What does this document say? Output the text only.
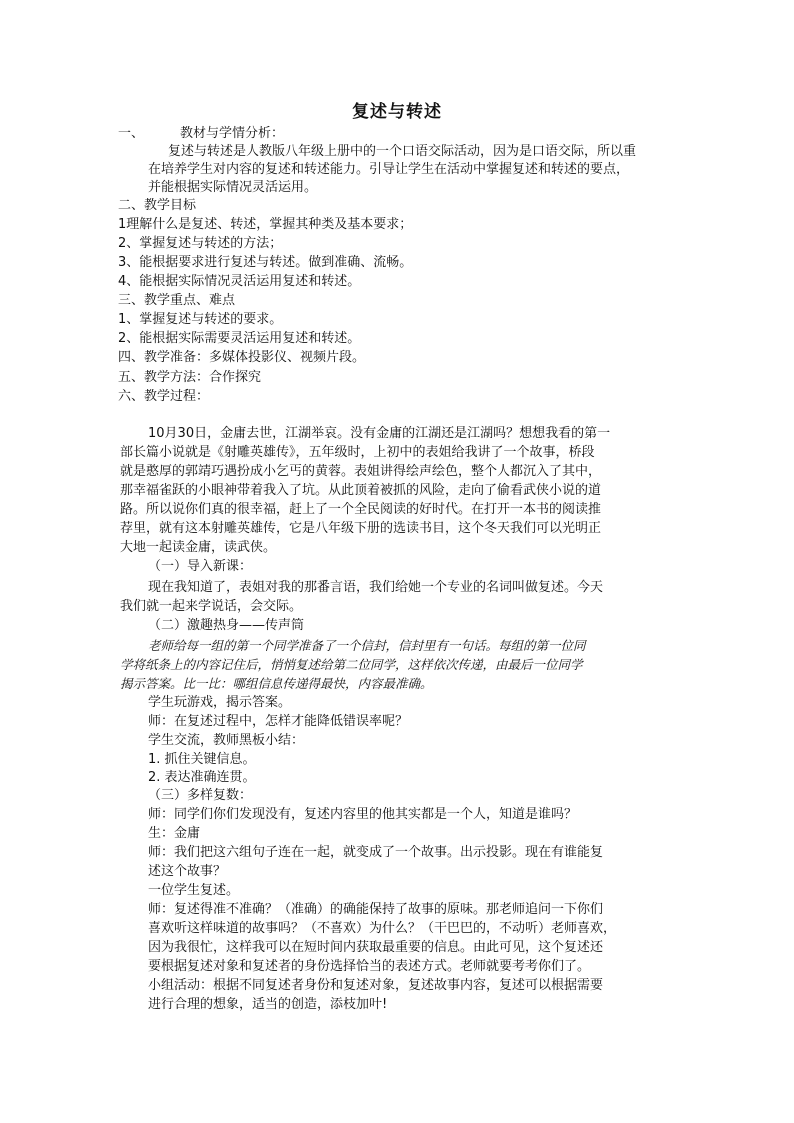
复述与转述
一、	教材与学情分析：
复述与转述是人教版八年级上册中的一个口语交际活动，因为是口语交际，所以重
在培养学生对内容的复述和转述能力。引导让学生在活动中掌握复述和转述的要点，
并能根据实际情况灵活运用。
二、教学目标
1理解什么是复述、转述，掌握其种类及基本要求；
2、掌握复述与转述的方法；
3、能根据要求进行复述与转述。做到准确、流畅。
4、能根据实际情况灵活运用复述和转述。
三、教学重点、难点
1、掌握复述与转述的要求。
2、能根据实际需要灵活运用复述和转述。
四、教学准备：多媒体投影仪、视频片段。
五、教学方法：合作探究
六、教学过程：
10月30日，金庸去世，江湖举哀。没有金庸的江湖还是江湖吗？想想我看的第一
部长篇小说就是《射雕英雄传》，五年级时，上初中的表姐给我讲了一个故事，桥段
就是憨厚的郭靖巧遇扮成小乞丐的黄蓉。表姐讲得绘声绘色，整个人都沉入了其中，
那幸福雀跃的小眼神带着我入了坑。从此顶着被抓的风险，走向了偷看武侠小说的道
路。所以说你们真的很幸福，赶上了一个全民阅读的好时代。在打开一本书的阅读推
荐里，就有这本射雕英雄传，它是八年级下册的选读书目，这个冬天我们可以光明正
大地一起读金庸，读武侠。
（一）导入新课：
现在我知道了，表姐对我的那番言语，我们给她一个专业的名词叫做复述。今天
我们就一起来学说话，会交际。
（二）激趣热身——传声筒
老师给每一组的第一个同学准备了一个信封，信封里有一句话。每组的第一位同
学将纸条上的内容记住后，悄悄复述给第二位同学，这样依次传递，由最后一位同学
揭示答案。比一比：哪组信息传递得最快，内容最准确。
学生玩游戏，揭示答案。
师：在复述过程中，怎样才能降低错误率呢？
学生交流，教师黑板小结：
1. 抓住关键信息。
2. 表达准确连贯。
（三）多样复数：
师：同学们你们发现没有，复述内容里的他其实都是一个人，知道是谁吗？
生：金庸
师：我们把这六组句子连在一起，就变成了一个故事。出示投影。现在有谁能复
述这个故事？
一位学生复述。
师：复述得准不准确？（准确）的确能保持了故事的原味。那老师追问一下你们
喜欢听这样味道的故事吗？（不喜欢）为什么？（干巴巴的，不动听）老师喜欢，
因为我很忙，这样我可以在短时间内获取最重要的信息。由此可见，这个复述还
要根据复述对象和复述者的身份选择恰当的表述方式。老师就要考考你们了。
小组活动：根据不同复述者身份和复述对象，复述故事内容，复述可以根据需要
进行合理的想象，适当的创造，添枝加叶!
